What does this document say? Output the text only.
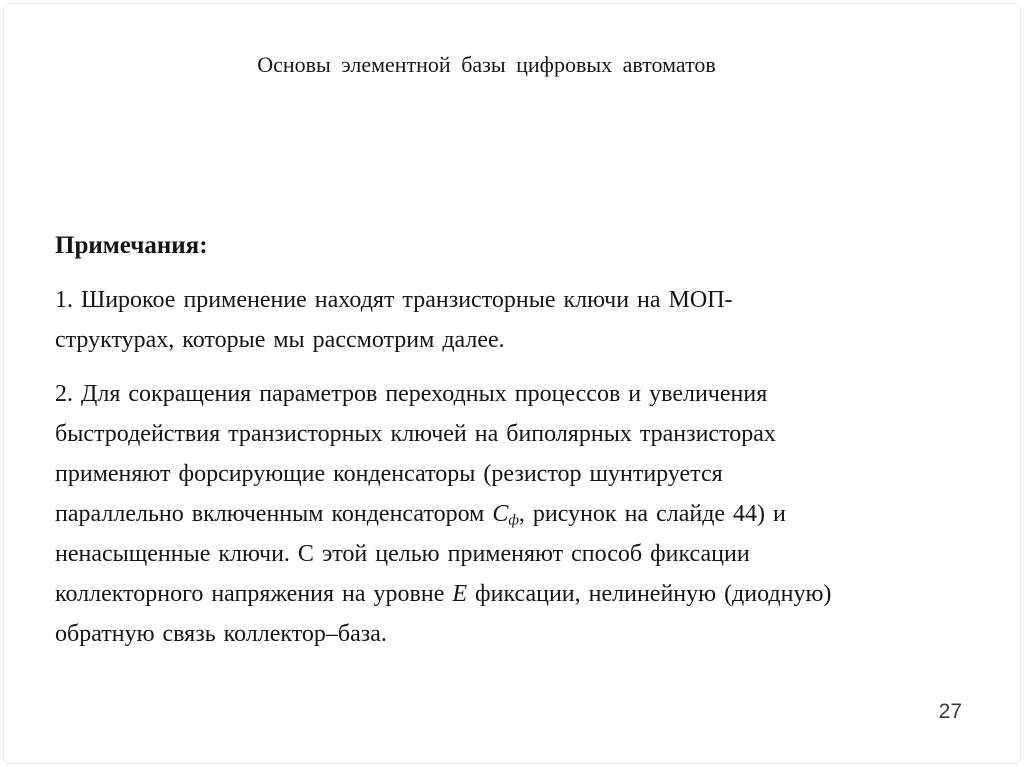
Основы элементной базы цифровых автоматов
Примечания:
1. Широкое применение находят транзисторные ключи на МОП-
структурах, которые мы рассмотрим далее.
2. Для сокращения параметров переходных процессов и увеличения
быстродействия транзисторных ключей на биполярных транзисторах
применяют форсирующие конденсаторы (резистор шунтируется
параллельно включенным конденсатором $C_ф$, рисунок на слайде 44) и
ненасыщенные ключи. С этой целью применяют способ фиксации
коллекторного напряжения на уровне E фиксации, нелинейную (диодную)
обратную связь коллектор–база.
27
